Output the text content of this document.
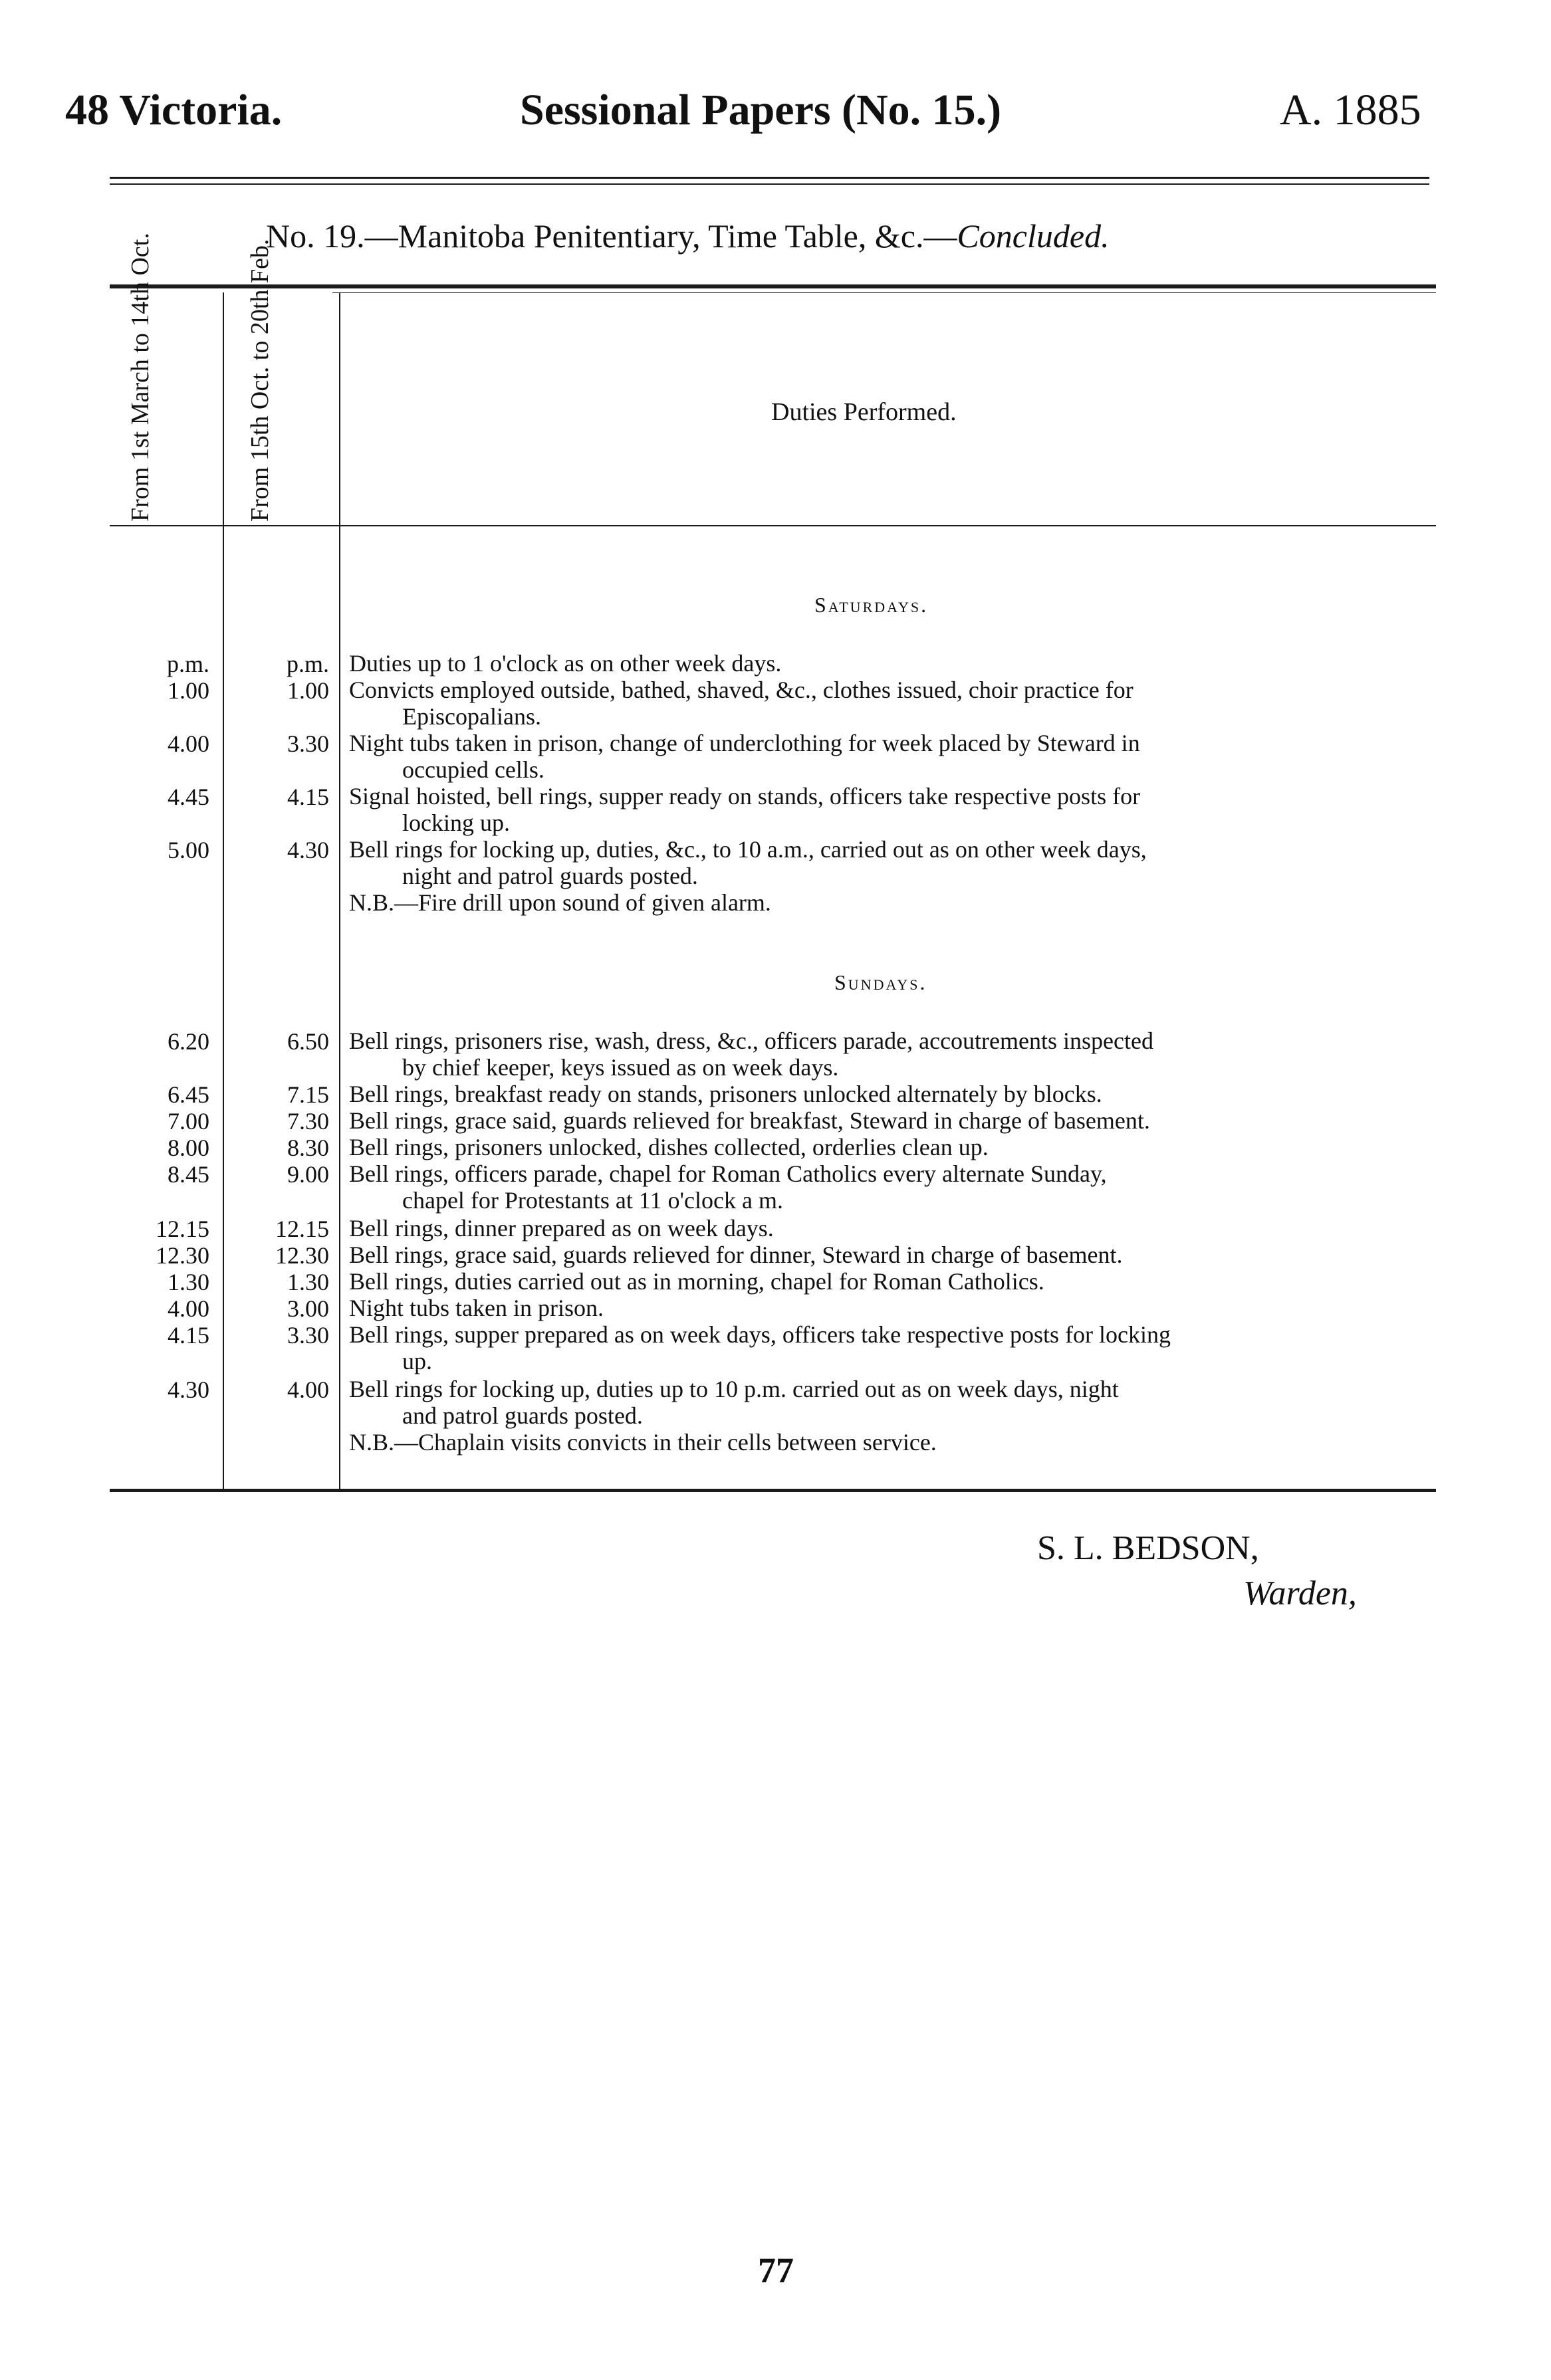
48 Victoria.	Sessional Papers (No. 15.)	A. 1885
No. 19.—Manitoba Penitentiary, Time Table, &c.—Concluded.
From 1st March to 14th Oct.	From 15th Oct. to 20th Feb.	Duties Performed.
Saturdays.
p.m.	p.m. Duties up to 1 o'clock as on other week days.
1.00	1.00 Convicts employed outside, bathed, shaved, &c., clothes issued, choir practice for
Episcopalians.
4.00	3.30 Night tubs taken in prison, change of underclothing for week placed by Steward in
occupied cells.
4.45	4.15 Signal hoisted, bell rings, supper ready on stands, officers take respective posts for
locking up.
5.00	4.30 Bell rings for locking up, duties, &c., to 10 a.m., carried out as on other week days,
night and patrol guards posted.
N.B.—Fire drill upon sound of given alarm.
Sundays.
6.20	6.50 Bell rings, prisoners rise, wash, dress, &c., officers parade, accoutrements inspected
by chief keeper, keys issued as on week days.
6.45	7.15 Bell rings, breakfast ready on stands, prisoners unlocked alternately by blocks.
7.00	7.30 Bell rings, grace said, guards relieved for breakfast, Steward in charge of basement.
8.00	8.30 Bell rings, prisoners unlocked, dishes collected, orderlies clean up.
8.45	9.00 Bell rings, officers parade, chapel for Roman Catholics every alternate Sunday,
chapel for Protestants at 11 o'clock a m.
12.15	12.15 Bell rings, dinner prepared as on week days.
12.30	12.30 Bell rings, grace said, guards relieved for dinner, Steward in charge of basement.
1.30	1.30 Bell rings, duties carried out as in morning, chapel for Roman Catholics.
4.00	3.00 Night tubs taken in prison.
4.15	3.30 Bell rings, supper prepared as on week days, officers take respective posts for locking
up.
4.30	4.00 Bell rings for locking up, duties up to 10 p.m. carried out as on week days, night
and patrol guards posted.
N.B.—Chaplain visits convicts in their cells between service.
S. L. BEDSON,
Warden,
77
